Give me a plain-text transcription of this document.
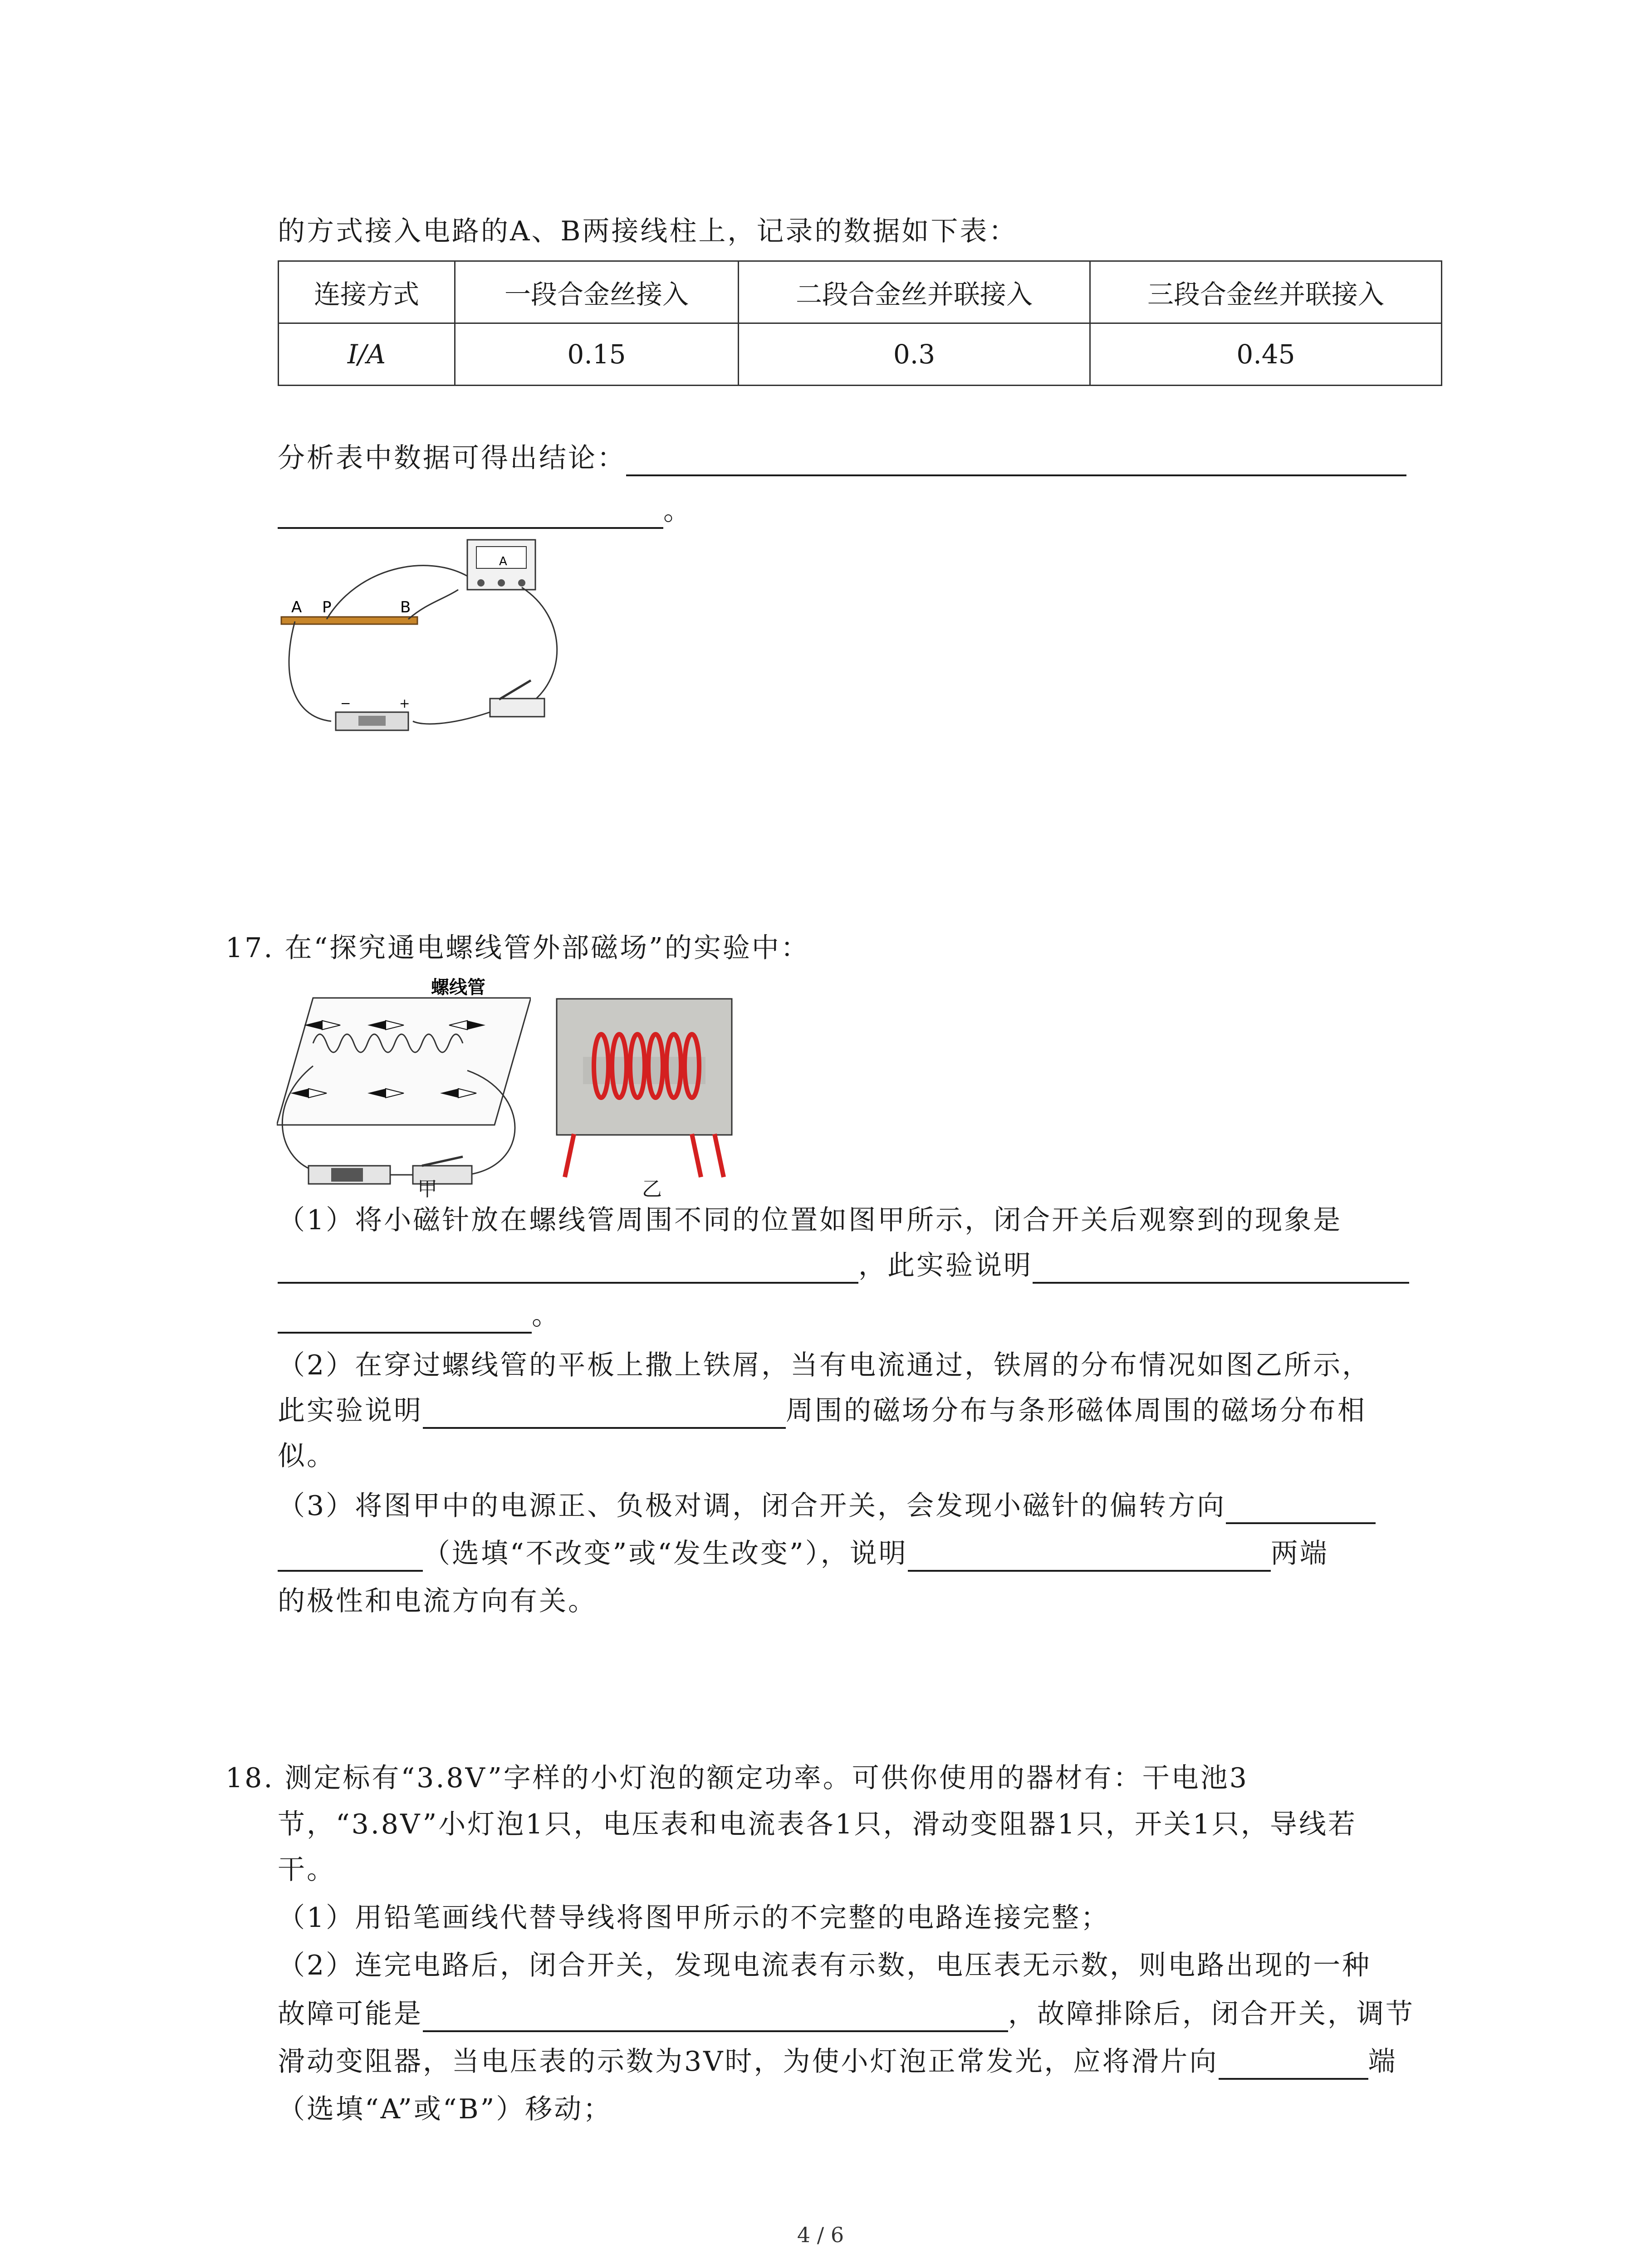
的方式接入电路的A、B两接线柱上，记录的数据如下表：
连接方式	一段合金丝接入	二段合金丝并联接入	三段合金丝并联接入
I/A	0.15	0.3	0.45
分析表中数据可得出结论：
。
A P	B
A
−	+
17. 在“探究通电螺线管外部磁场”的实验中：
螺线管
甲	乙
（1）将小磁针放在螺线管周围不同的位置如图甲所示，闭合开关后观察到的现象是
，此实验说明
。
（2）在穿过螺线管的平板上撒上铁屑，当有电流通过，铁屑的分布情况如图乙所示，
此实验说明	周围的磁场分布与条形磁体周围的磁场分布相
似。
（3）将图甲中的电源正、负极对调，闭合开关，会发现小磁针的偏转方向
（选填“不改变”或“发生改变”），说明	两端
的极性和电流方向有关。
18. 测定标有“3.8V”字样的小灯泡的额定功率。可供你使用的器材有：干电池3
节，“3.8V”小灯泡1只，电压表和电流表各1只，滑动变阻器1只，开关1只，导线若
干。
（1）用铅笔画线代替导线将图甲所示的不完整的电路连接完整；
（2）连完电路后，闭合开关，发现电流表有示数，电压表无示数，则电路出现的一种
故障可能是	，故障排除后，闭合开关，调节
滑动变阻器，当电压表的示数为3V时，为使小灯泡正常发光，应将滑片向	端
（选填“A”或“B”）移动；
4 / 6
